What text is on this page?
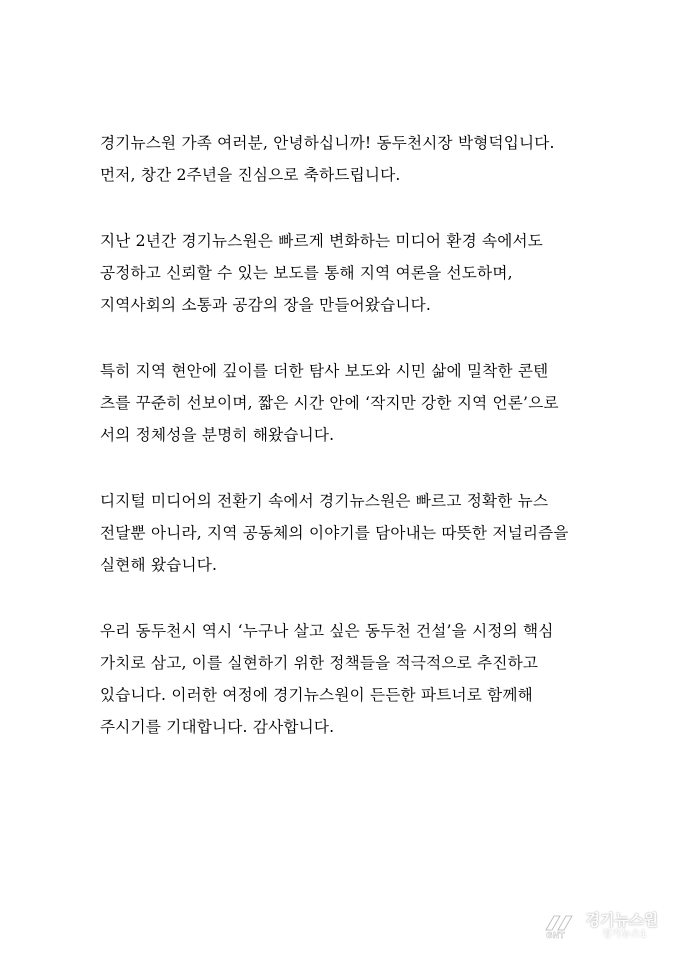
경기뉴스원 가족 여러분, 안녕하십니까! 동두천시장 박형덕입니다.
먼저, 창간 2주년을 진심으로 축하드립니다.
지난 2년간 경기뉴스원은 빠르게 변화하는 미디어 환경 속에서도
공정하고 신뢰할 수 있는 보도를 통해 지역 여론을 선도하며,
지역사회의 소통과 공감의 장을 만들어왔습니다.
특히 지역 현안에 깊이를 더한 탐사 보도와 시민 삶에 밀착한 콘텐
츠를 꾸준히 선보이며, 짧은 시간 안에 ‘작지만 강한 지역 언론’으로
서의 정체성을 분명히 해왔습니다.
디지털 미디어의 전환기 속에서 경기뉴스원은 빠르고 정확한 뉴스
전달뿐 아니라, 지역 공동체의 이야기를 담아내는 따뜻한 저널리즘을
실현해 왔습니다.
우리 동두천시 역시 ‘누구나 살고 싶은 동두천 건설’을 시정의 핵심
가치로 삼고, 이를 실현하기 위한 정책들을 적극적으로 추진하고
있습니다. 이러한 여정에 경기뉴스원이 든든한 파트너로 함께해
주시기를 기대합니다. 감사합니다.
GNT
경기뉴스원
경기뉴스1
